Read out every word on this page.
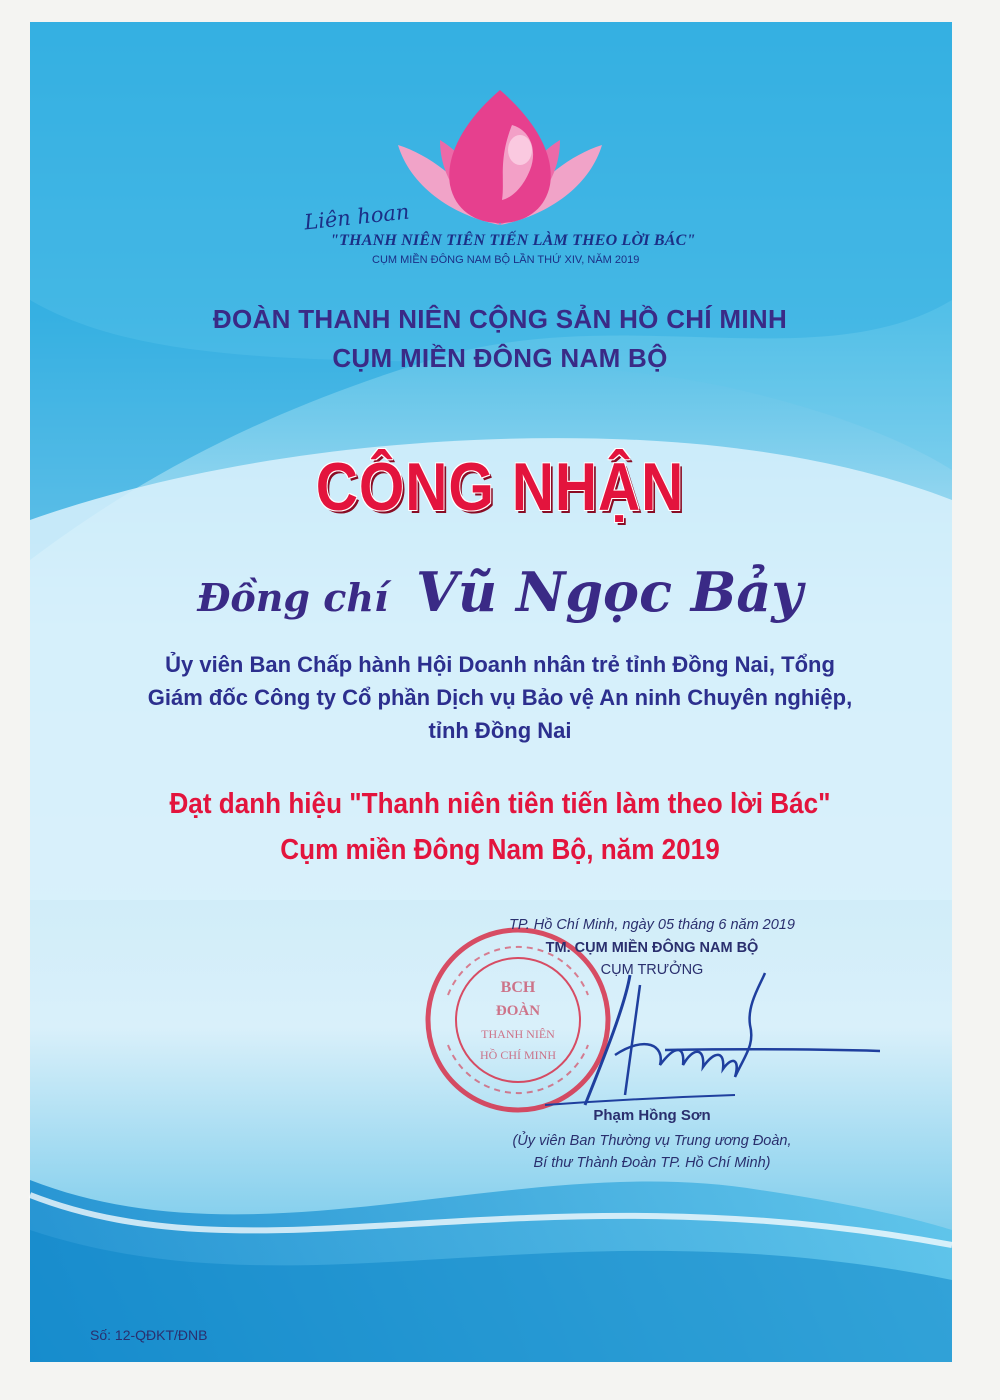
Liên hoan
"THANH NIÊN TIÊN TIẾN LÀM THEO LỜI BÁC"
CỤM MIỀN ĐÔNG NAM BỘ LẦN THỨ XIV, NĂM 2019
ĐOÀN THANH NIÊN CỘNG SẢN HỒ CHÍ MINH
CỤM MIỀN ĐÔNG NAM BỘ
CÔNG NHẬN
Đồng chí Vũ Ngọc Bảy
Ủy viên Ban Chấp hành Hội Doanh nhân trẻ tỉnh Đồng Nai, Tổng
Giám đốc Công ty Cổ phần Dịch vụ Bảo vệ An ninh Chuyên nghiệp,
tỉnh Đồng Nai
Đạt danh hiệu "Thanh niên tiên tiến làm theo lời Bác"
Cụm miền Đông Nam Bộ, năm 2019
BCH
ĐOÀN
THANH NIÊN
HỒ CHÍ MINH
TP. Hồ Chí Minh, ngày 05 tháng 6 năm 2019
TM. CỤM MIỀN ĐÔNG NAM BỘ
CỤM TRƯỞNG
Phạm Hồng Sơn
(Ủy viên Ban Thường vụ Trung ương Đoàn,
Bí thư Thành Đoàn TP. Hồ Chí Minh)
Số: 12-QĐKT/ĐNB
